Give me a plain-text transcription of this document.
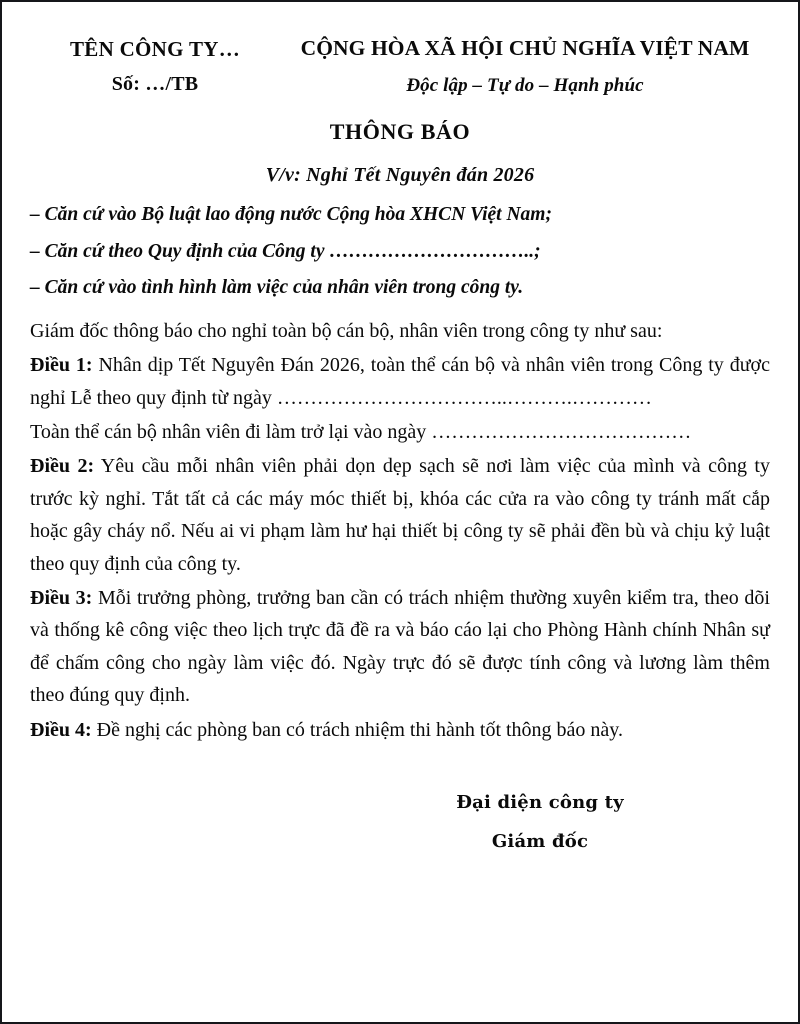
TÊN CÔNG TY…
Số: …/TB
CỘNG HÒA XÃ HỘI CHỦ NGHĨA VIỆT NAM
Độc lập – Tự do – Hạnh phúc
THÔNG BÁO
V/v: Nghỉ Tết Nguyên đán 2026
– Căn cứ vào Bộ luật lao động nước Cộng hòa XHCN Việt Nam;
– Căn cứ theo Quy định của Công ty …………………………..;
– Căn cứ vào tình hình làm việc của nhân viên trong công ty.

Giám đốc thông báo cho nghỉ toàn bộ cán bộ, nhân viên trong công ty như sau:

Điều 1: Nhân dịp Tết Nguyên Đán 2026, toàn thể cán bộ và nhân viên trong Công ty được nghỉ Lễ theo quy định từ ngày ……………………………..……….…………

Toàn thể cán bộ nhân viên đi làm trở lại vào ngày …………………………………

Điều 2: Yêu cầu mỗi nhân viên phải dọn dẹp sạch sẽ nơi làm việc của mình và công ty trước kỳ nghỉ. Tắt tất cả các máy móc thiết bị, khóa các cửa ra vào công ty tránh mất cắp hoặc gây cháy nổ. Nếu ai vi phạm làm hư hại thiết bị công ty sẽ phải đền bù và chịu kỷ luật theo quy định của công ty.

Điều 3: Mỗi trưởng phòng, trưởng ban cần có trách nhiệm thường xuyên kiểm tra, theo dõi và thống kê công việc theo lịch trực đã đề ra và báo cáo lại cho Phòng Hành chính Nhân sự để chấm công cho ngày làm việc đó. Ngày trực đó sẽ được tính công và lương làm thêm theo đúng quy định.

Điều 4: Đề nghị các phòng ban có trách nhiệm thi hành tốt thông báo này.

Đại diện công ty
Giám đốc
